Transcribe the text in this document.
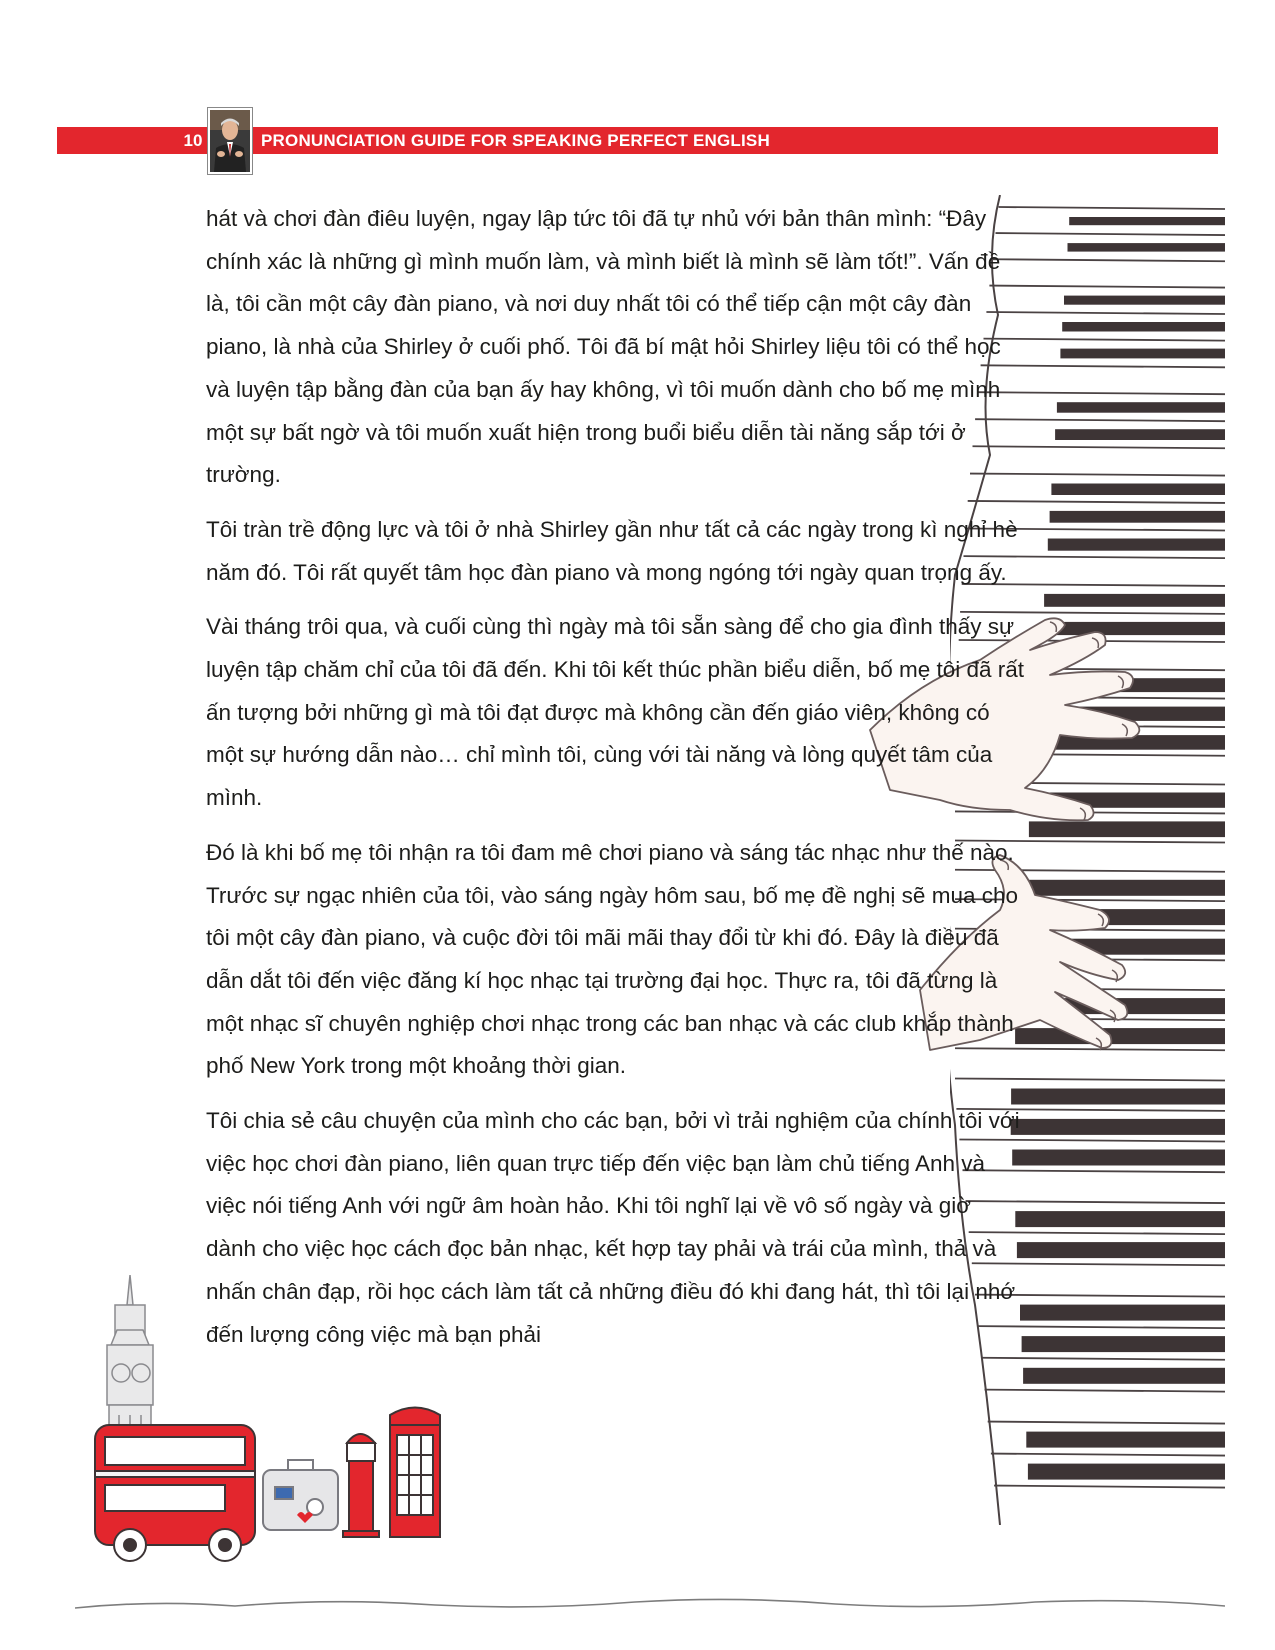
10	PRONUNCIATION GUIDE FOR SPEAKING PERFECT ENGLISH

hát và chơi đàn điêu luyện, ngay lập tức tôi đã tự nhủ với bản thân mình: “Đây chính xác là những gì mình muốn làm, và mình biết là mình sẽ làm tốt!”. Vấn đề là, tôi cần một cây đàn piano, và nơi duy nhất tôi có thể tiếp cận một cây đàn piano, là nhà của Shirley ở cuối phố. Tôi đã bí mật hỏi Shirley liệu tôi có thể học và luyện tập bằng đàn của bạn ấy hay không, vì tôi muốn dành cho bố mẹ mình một sự bất ngờ và tôi muốn xuất hiện trong buổi biểu diễn tài năng sắp tới ở trường.

Tôi tràn trề động lực và tôi ở nhà Shirley gần như tất cả các ngày trong kì nghỉ hè năm đó. Tôi rất quyết tâm học đàn piano và mong ngóng tới ngày quan trọng ấy.

Vài tháng trôi qua, và cuối cùng thì ngày mà tôi sẵn sàng để cho gia đình thấy sự luyện tập chăm chỉ của tôi đã đến. Khi tôi kết thúc phần biểu diễn, bố mẹ tôi đã rất ấn tượng bởi những gì mà tôi đạt được mà không cần đến giáo viên, không có một sự hướng dẫn nào… chỉ mình tôi, cùng với tài năng và lòng quyết tâm của mình.

Đó là khi bố mẹ tôi nhận ra tôi đam mê chơi piano và sáng tác nhạc như thế nào. Trước sự ngạc nhiên của tôi, vào sáng ngày hôm sau, bố mẹ đề nghị sẽ mua cho tôi một cây đàn piano, và cuộc đời tôi mãi mãi thay đổi từ khi đó. Đây là điều đã dẫn dắt tôi đến việc đăng kí học nhạc tại trường đại học. Thực ra, tôi đã từng là một nhạc sĩ chuyên nghiệp chơi nhạc trong các ban nhạc và các club khắp thành phố New York trong một khoảng thời gian.

Tôi chia sẻ câu chuyện của mình cho các bạn, bởi vì trải nghiệm của chính tôi với việc học chơi đàn piano, liên quan trực tiếp đến việc bạn làm chủ tiếng Anh và việc nói tiếng Anh với ngữ âm hoàn hảo. Khi tôi nghĩ lại về vô số ngày và giờ dành cho việc học cách đọc bản nhạc, kết hợp tay phải và trái của mình, thả và nhấn chân đạp, rồi học cách làm tất cả những điều đó khi đang hát, thì tôi lại nhớ đến lượng công việc mà bạn phải
